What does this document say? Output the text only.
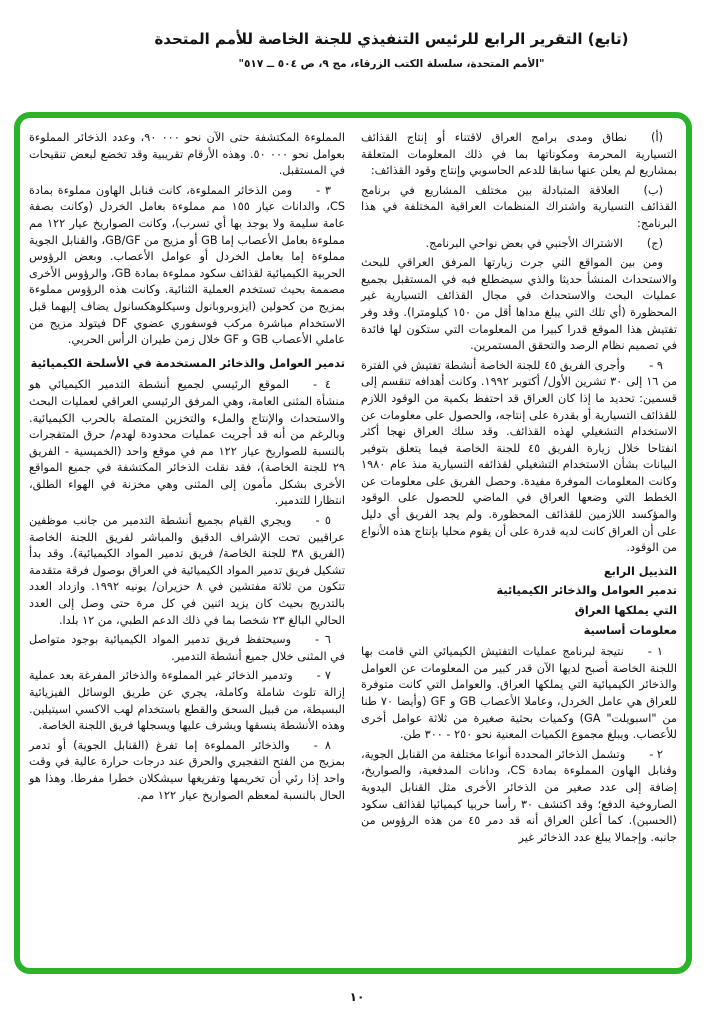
(تابع) التقرير الرابع للرئيس التنفيذي للجنة الخاصة للأمم المتحدة
"الأمم المتحدة، سلسلة الكتب الزرقاء، مج ٩، ص ٥٠٤ ــ ٥١٧"

(أ)نطاق ومدى برامج العراق لاقتناء أو إنتاج القذائف التسيارية المحرمة ومكوناتها بما في ذلك المعلومات المتعلقة بمشاريع لم يعلن عنها سابقا للدعم الحاسوبي وإنتاج وقود القذائف:

(ب)العلاقة المتبادلة بين مختلف المشاريع في برنامج القذائف التسيارية واشتراك المنظمات العراقية المختلفة في هذا البرنامج:

(ج)الاشتراك الأجنبي في بعض نواحي البرنامج.

ومن بين المواقع التي جرت زيارتها المرفق العراقي للبحث والاستحداث المنشأ حديثا والذي سيضطلع فيه في المستقبل بجميع عمليات البحث والاستحداث في مجال القذائف التسيارية غير المحظورة (أي تلك التي يبلغ مداها أقل من ١٥٠ كيلومترا). وقد وفر تفتيش هذا الموقع قدرا كبيرا من المعلومات التي ستكون لها فائدة في تصميم نظام الرصد والتحقق المستمرين.

٩ -وأجرى الفريق ٤٥ للجنة الخاصة أنشطة تفتيش في الفترة من ١٦ إلى ٣٠ تشرين الأول/ أكتوبر ١٩٩٢. وكانت أهدافه تنقسم إلى قسمين: تحديد ما إذا كان العراق قد احتفظ بكمية من الوقود اللازم للقذائف التسيارية أو بقدرة على إنتاجه، والحصول على معلومات عن الاستخدام التشغيلي لهذه القذائف. وقد سلك العراق نهجا أكثر انفتاحا خلال زيارة الفريق ٤٥ للجنة الخاصة فيما يتعلق بتوفير البيانات بشأن الاستخدام التشغيلي لقذائفه التسيارية منذ عام ١٩٨٠ وكانت المعلومات الموفرة مفيدة. وحصل الفريق على معلومات عن الخطط التي وضعها العراق في الماضي للحصول على الوقود والمؤكسد اللازمين للقذائف المحظورة. ولم يجد الفريق أي دليل على أن العراق كانت لديه قدرة على أن يقوم محليا بإنتاج هذه الأنواع من الوقود.

التذييل الرابع
تدمير العوامل والذخائر الكيميائية
التي يملكها العراق
معلومات أساسية

١ -نتيجة لبرنامج عمليات التفتيش الكيميائي التي قامت بها اللجنة الخاصة أصبح لديها الآن قدر كبير من المعلومات عن العوامل والذخائر الكيميائية التي يملكها العراق. والعوامل التي كانت متوفرة للعراق هي عامل الخردل، وعاملا الأعصاب GB و GF (وأيضا ٧٠ طنا من "اسبويلت" GA) وكميات بحثية صغيرة من ثلاثة عوامل أخرى للأعصاب. ويبلغ مجموع الكميات المعنية نحو ٢٥٠ - ٣٠٠ طن.

٢ -وتشمل الذخائر المحددة أنواعا مختلفة من القنابل الجوية، وقنابل الهاون المملوءة بمادة CS، ودانات المدفعية، والصواريخ، إضافة إلى عدد صغير من الذخائر الأخرى مثل القنابل اليدوية الصاروخية الدفع؛ وقد اكتشف ٣٠ رأسا حربيا كيميائيا لقذائف سكود (الحسين). كما أعلن العراق أنه قد دمر ٤٥ من هذه الرؤوس من جانبه. وإجمالا يبلغ عدد الذخائر غير

المملوءة المكتشفة حتى الآن نحو ٩٠ ٠٠٠، وعدد الذخائر المملوءة بعوامل نحو ٥٠ ٠٠٠. وهذه الأرقام تقريبية وقد تخضع لبعض تنقيحات في المستقبل.

٣ -ومن الذخائر المملوءة، كانت قنابل الهاون مملوءة بمادة CS، والدانات عيار ١٥٥ مم مملوءة بعامل الخردل (وكانت بصفة عامة سليمة ولا يوجد بها أي تسرب)، وكانت الصواريخ عيار ١٢٢ مم مملوءة بعامل الأعصاب إما GB أو مزيج من GB/GF، والقنابل الجوية مملوءة إما بعامل الخردل أو عوامل الأعصاب. وبعض الرؤوس الحربية الكيميائية لقذائف سكود مملوءة بمادة GB، والرؤوس الأخرى مصممة بحيث تستخدم العملية الثنائية. وكانت هذه الرؤوس مملوءة بمزيج من كحولين (ايزوبروبانول وسيكلوهكسانول يضاف إليهما قبل الاستخدام مباشرة مركب فوسفوري عضوي DF فيتولد مزيج من عاملي الأعصاب GB و GF خلال زمن طيران الرأس الحربي.

تدمير العوامل والذخائر المستخدمة في الأسلحة الكيميائية

٤ -الموقع الرئيسي لجميع أنشطة التدمير الكيميائي هو منشأة المثنى العامة، وهي المرفق الرئيسي العراقي لعمليات البحث والاستحداث والإنتاج والملء والتخزين المتصلة بالحرب الكيميائية. وبالرغم من أنه قد أجريت عمليات محدودة لهدم/ حرق المتفجرات بالنسبة للصواريخ عيار ١٢٢ مم في موقع واحد (الخميسية - الفريق ٢٩ للجنة الخاصة)، فقد نقلت الذخائر المكتشفة في جميع المواقع الأخرى بشكل مأمون إلى المثنى وهي مخزنة في الهواء الطلق، انتظارا للتدمير.

٥ -ويجري القيام بجميع أنشطة التدمير من جانب موظفين عراقيين تحت الإشراف الدقيق والمباشر لفريق اللجنة الخاصة (الفريق ٣٨ للجنة الخاصة/ فريق تدمير المواد الكيميائية). وقد بدأ تشكيل فريق تدمير المواد الكيميائية في العراق بوصول فرقة متقدمة تتكون من ثلاثة مفتشين في ٨ حزيران/ يونيه ١٩٩٢. وازداد العدد بالتدريج بحيث كان يزيد اثنين في كل مرة حتى وصل إلى العدد الحالي البالغ ٢٣ شخصا بما في ذلك الدعم الطبي، من ١٢ بلدا.

٦ -وسيحتفظ فريق تدمير المواد الكيميائية بوجود متواصل في المثنى خلال جميع أنشطة التدمير.

٧ -وتدمير الذخائر غير المملوءة والذخائر المفرغة بعد عملية إزالة تلوث شاملة وكاملة، يجري عن طريق الوسائل الفيزيائية البسيطة، من قبيل السحق والقطع باستخدام لهب الاكسي اسيتيلين. وهذه الأنشطة ينسقها ويشرف عليها ويسجلها فريق اللجنة الخاصة.

٨ -والذخائر المملوءة إما تفرغ (القنابل الجوية) أو تدمر بمزيج من الفتح التفجيري والحرق عند درجات حرارة عالية في وقت واحد إذا رئي أن تخريمها وتفريغها سيشكلان خطرا مفرطا. وهذا هو الحال بالنسبة لمعظم الصواريخ عيار ١٢٢ مم.

١٠
